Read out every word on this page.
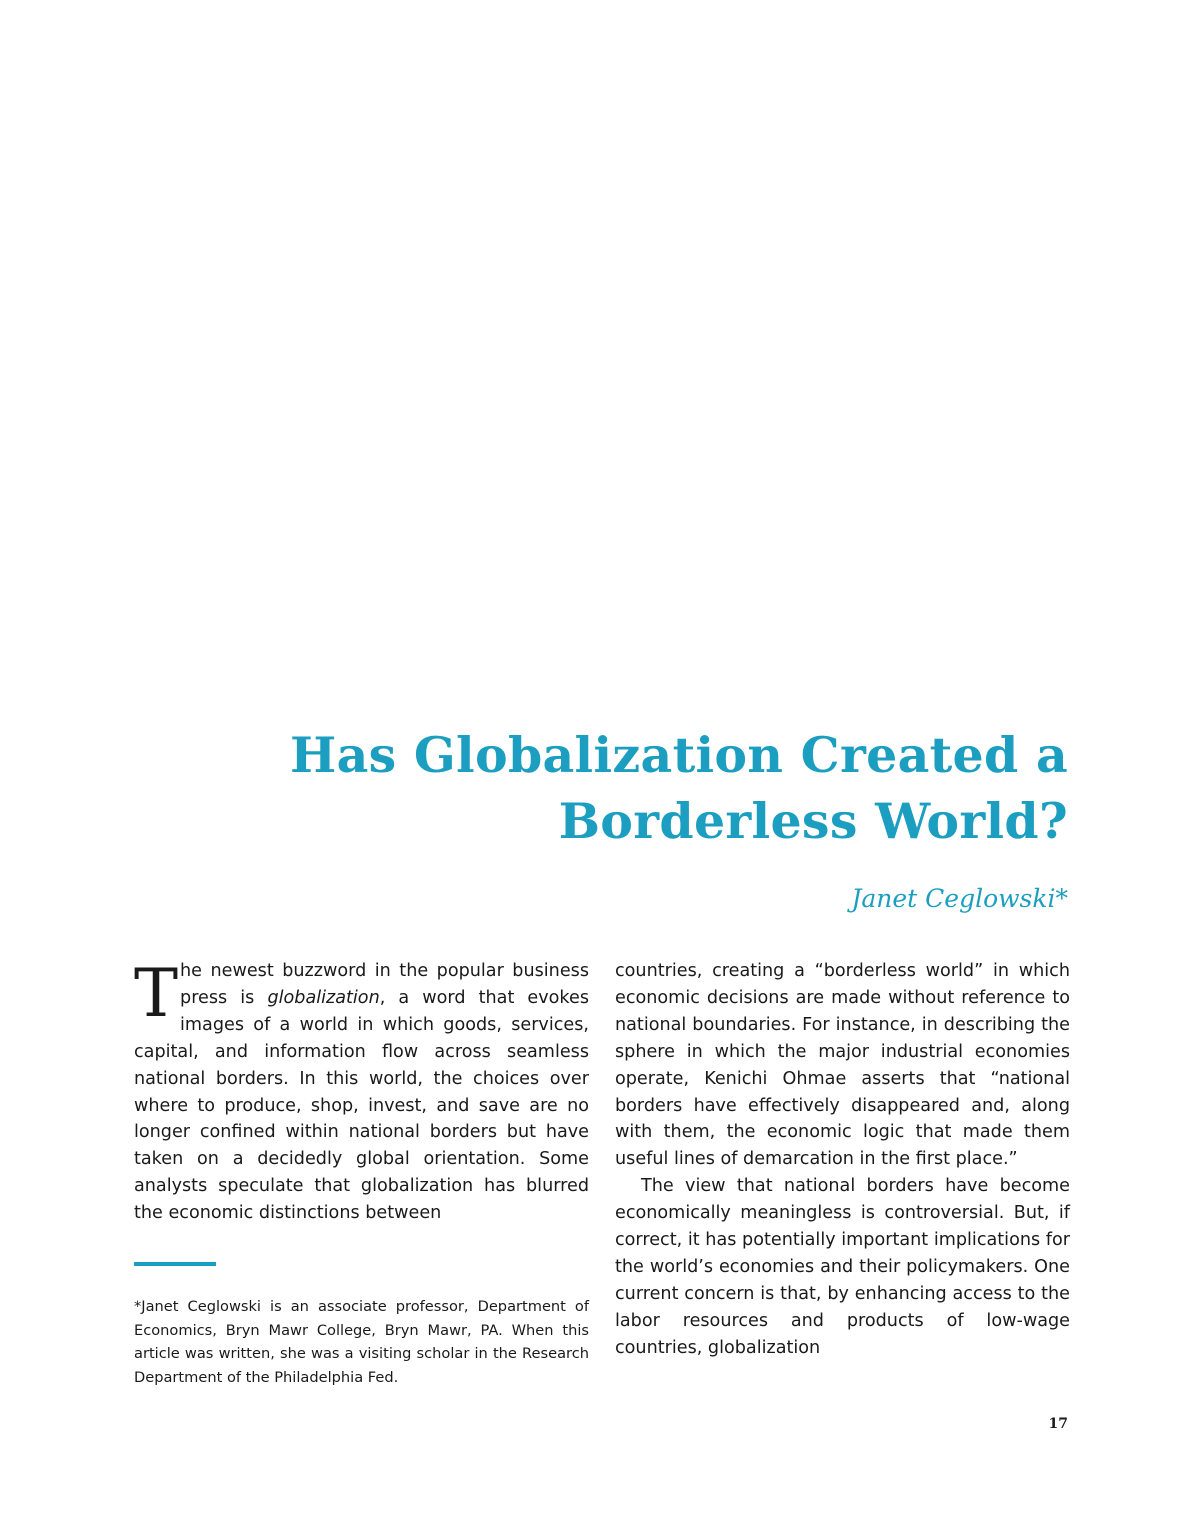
Has Globalization Created a
Borderless World?

Janet Ceglowski*

The newest buzzword in the popular business press is globalization, a word that evokes images of a world in which goods, services, capital, and information flow across seamless national borders. In this world, the choices over where to produce, shop, invest, and save are no longer confined within national borders but have taken on a decidedly global orientation. Some analysts speculate that globalization has blurred the economic distinctions between

*Janet Ceglowski is an associate professor, Department of Economics, Bryn Mawr College, Bryn Mawr, PA. When this article was written, she was a visiting scholar in the Research Department of the Philadelphia Fed.

countries, creating a “borderless world” in which economic decisions are made without reference to national boundaries. For instance, in describing the sphere in which the major industrial economies operate, Kenichi Ohmae asserts that “national borders have effectively disappeared and, along with them, the economic logic that made them useful lines of demarcation in the first place.”

The view that national borders have become economically meaningless is controversial. But, if correct, it has potentially important implications for the world’s economies and their policymakers. One current concern is that, by enhancing access to the labor resources and products of low-wage countries, globalization

17
